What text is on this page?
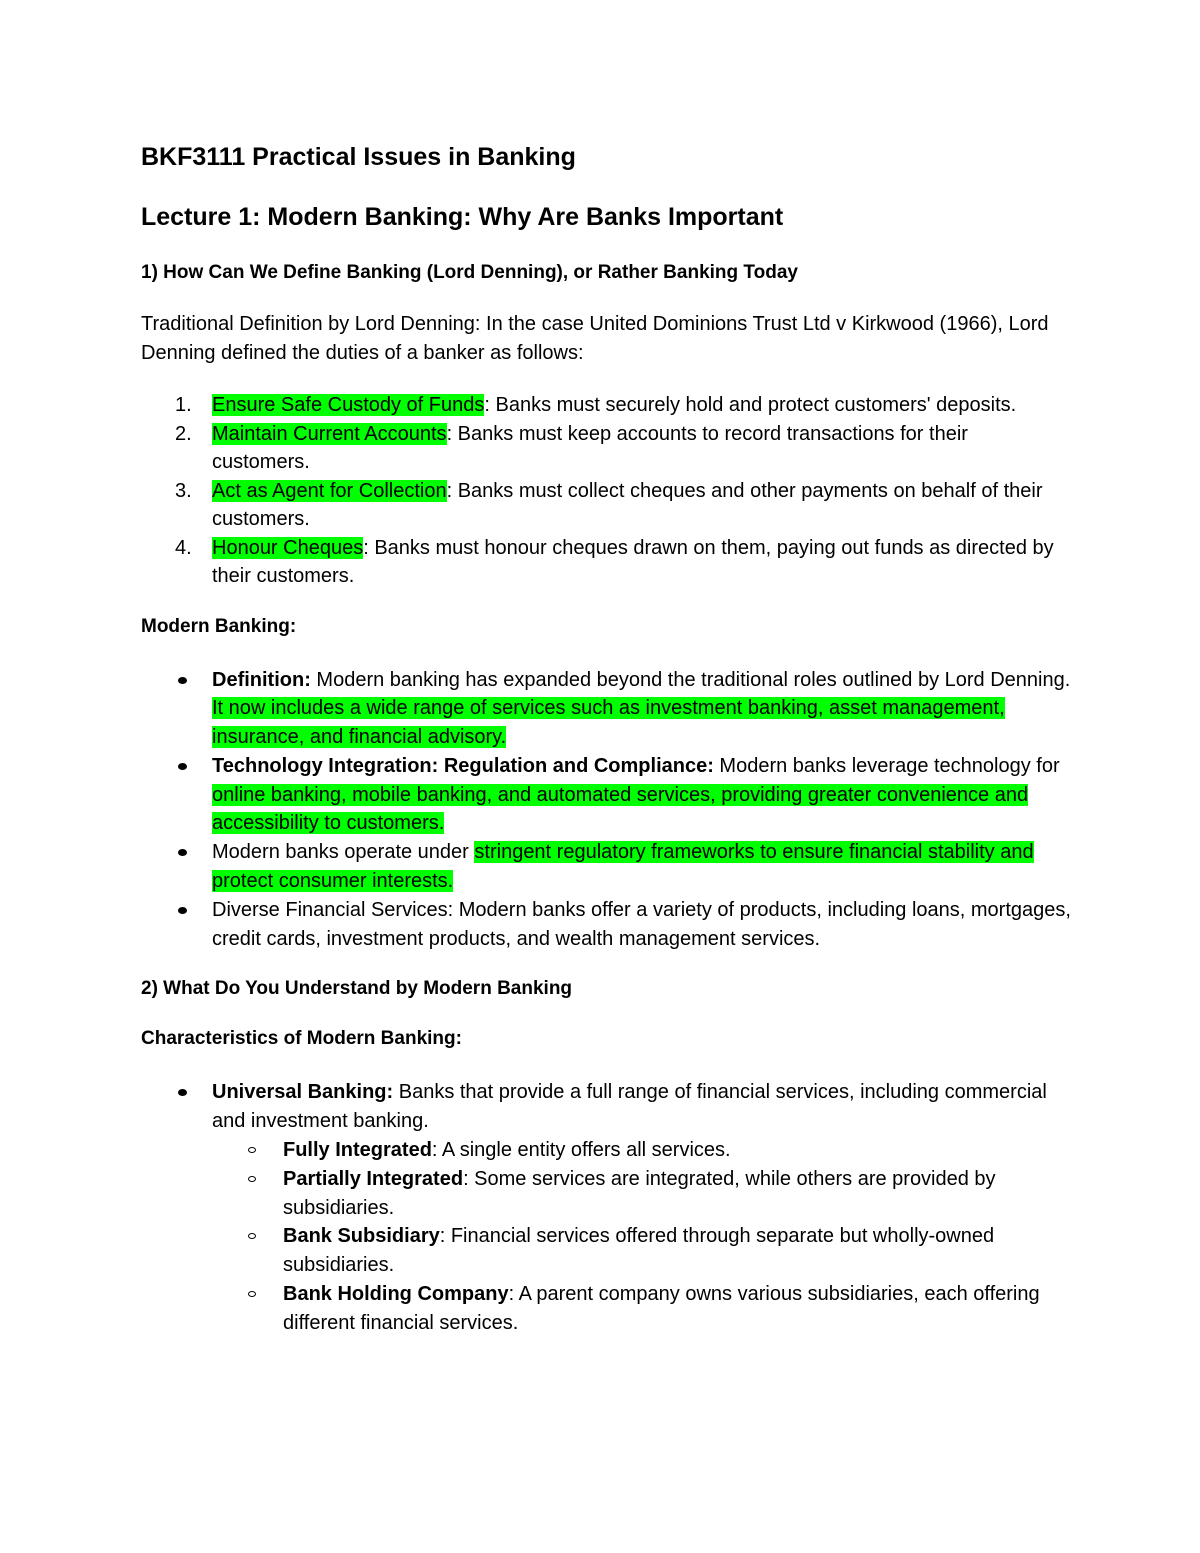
BKF3111 Practical Issues in Banking
Lecture 1: Modern Banking: Why Are Banks Important
1) How Can We Define Banking (Lord Denning), or Rather Banking Today
Traditional Definition by Lord Denning: In the case United Dominions Trust Ltd v Kirkwood (1966), Lord Denning defined the duties of a banker as follows:
1. Ensure Safe Custody of Funds: Banks must securely hold and protect customers' deposits.
2. Maintain Current Accounts: Banks must keep accounts to record transactions for their customers.
3. Act as Agent for Collection: Banks must collect cheques and other payments on behalf of their customers.
4. Honour Cheques: Banks must honour cheques drawn on them, paying out funds as directed by their customers.
Modern Banking:
Definition: Modern banking has expanded beyond the traditional roles outlined by Lord Denning. It now includes a wide range of services such as investment banking, asset management, insurance, and financial advisory.
Technology Integration: Regulation and Compliance: Modern banks leverage technology for online banking, mobile banking, and automated services, providing greater convenience and accessibility to customers.
Modern banks operate under stringent regulatory frameworks to ensure financial stability and protect consumer interests.
Diverse Financial Services: Modern banks offer a variety of products, including loans, mortgages, credit cards, investment products, and wealth management services.
2) What Do You Understand by Modern Banking
Characteristics of Modern Banking:
Universal Banking: Banks that provide a full range of financial services, including commercial and investment banking.
Fully Integrated: A single entity offers all services.
Partially Integrated: Some services are integrated, while others are provided by subsidiaries.
Bank Subsidiary: Financial services offered through separate but wholly-owned subsidiaries.
Bank Holding Company: A parent company owns various subsidiaries, each offering different financial services.
